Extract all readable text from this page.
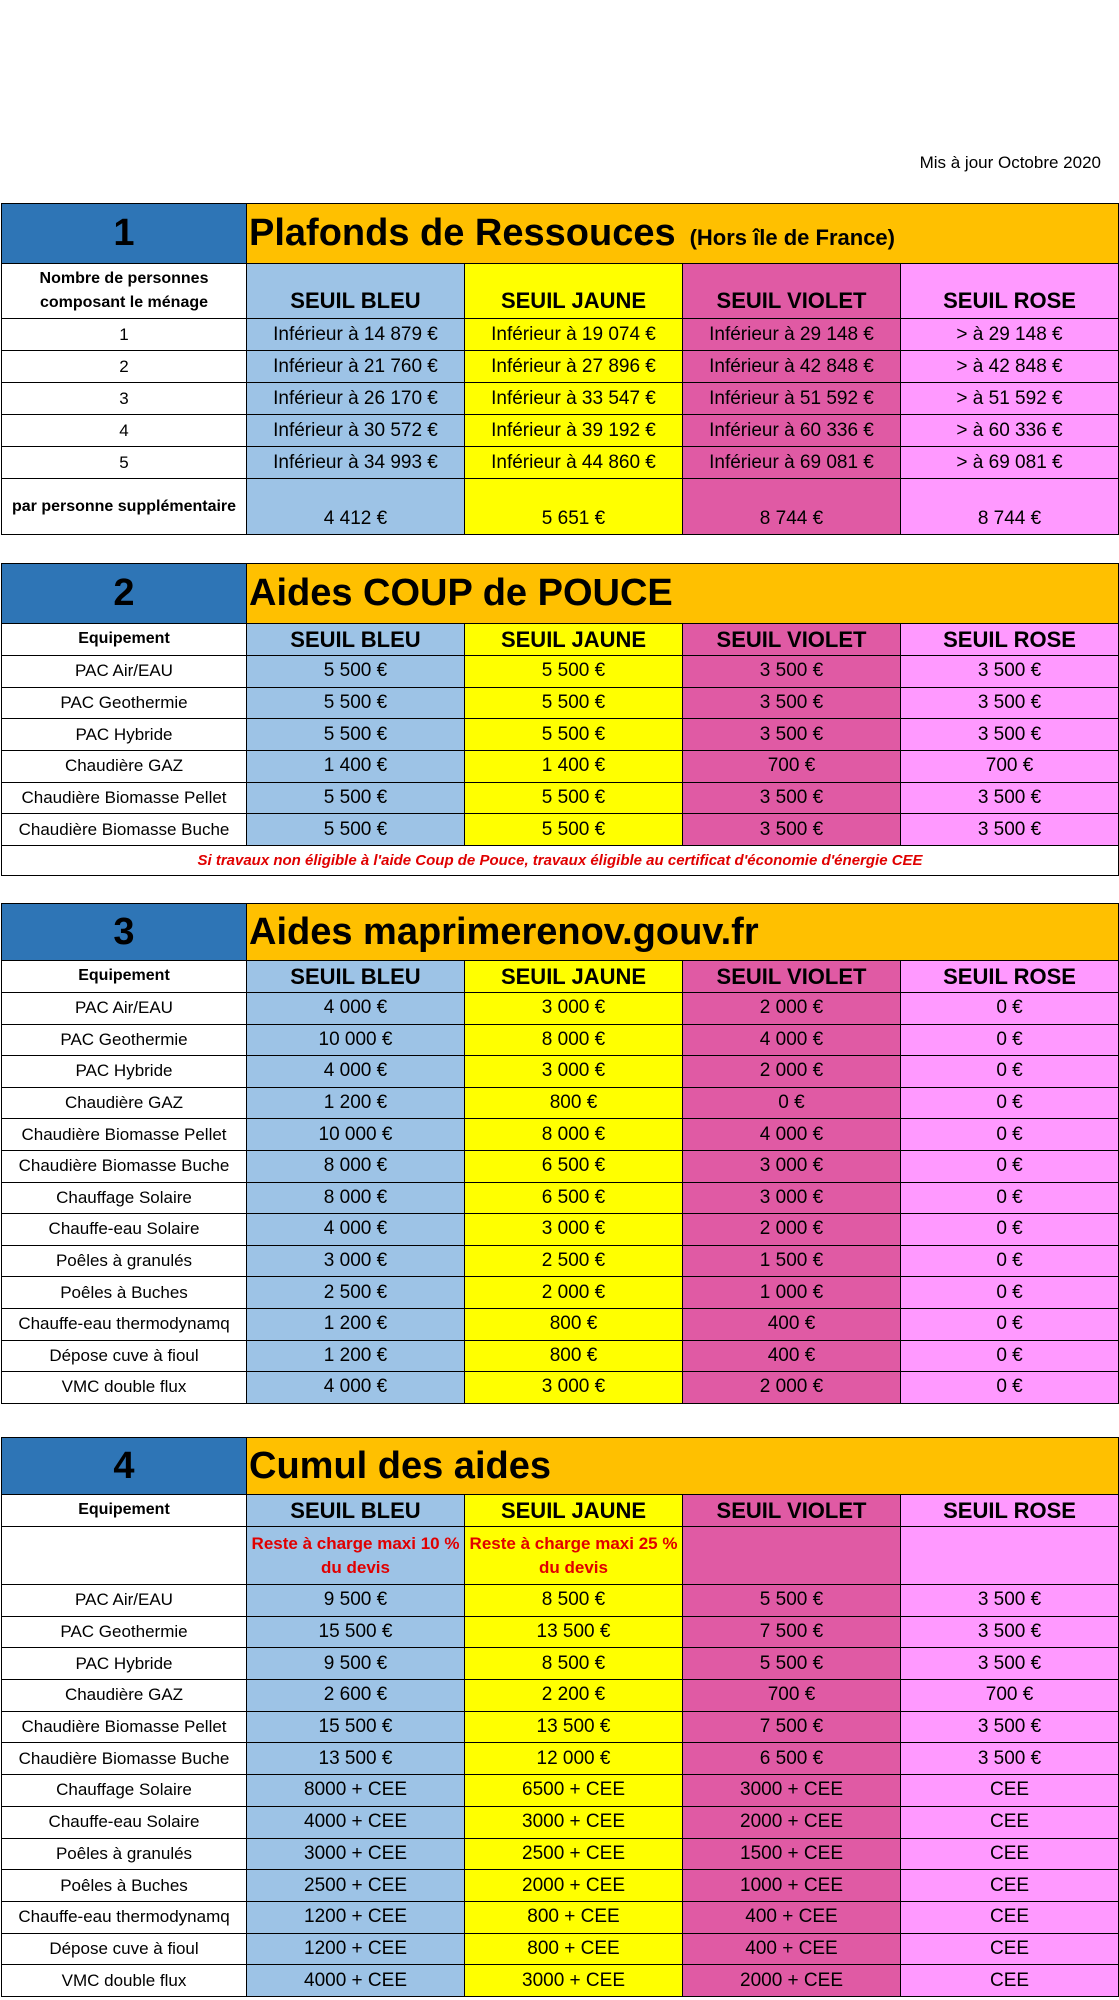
Mis à jour Octobre 2020
1	Plafonds de Ressouces (Hors île de France)			
Nombre de personnes composant le ménage	SEUIL BLEU	SEUIL JAUNE	SEUIL VIOLET	SEUIL ROSE
1	Inférieur à 14 879 €	Inférieur à 19 074 €	Inférieur à 29 148 €	> à 29 148 €
2	Inférieur à 21 760 €	Inférieur à 27 896 €	Inférieur à 42 848 €	> à 42 848 €
3	Inférieur à 26 170 €	Inférieur à 33 547 €	Inférieur à 51 592 €	> à 51 592 €
4	Inférieur à 30 572 €	Inférieur à 39 192 €	Inférieur à 60 336 €	> à 60 336 €
5	Inférieur à 34 993 €	Inférieur à 44 860 €	Inférieur à 69 081 €	> à 69 081 €
par personne supplémentaire	4 412 €	5 651 €	8 744 €	8 744 €
2	Aides COUP de POUCE			
Equipement	SEUIL BLEU	SEUIL JAUNE	SEUIL VIOLET	SEUIL ROSE
PAC Air/EAU	5 500 €	5 500 €	3 500 €	3 500 €
PAC Geothermie	5 500 €	5 500 €	3 500 €	3 500 €
PAC Hybride	5 500 €	5 500 €	3 500 €	3 500 €
Chaudière GAZ	1 400 €	1 400 €	700 €	700 €
Chaudière Biomasse Pellet	5 500 €	5 500 €	3 500 €	3 500 €
Chaudière Biomasse Buche	5 500 €	5 500 €	3 500 €	3 500 €
Si travaux non éligible à l'aide Coup de Pouce, travaux éligible au certificat d'économie d'énergie CEE				
3	Aides maprimerenov.gouv.fr			
Equipement	SEUIL BLEU	SEUIL JAUNE	SEUIL VIOLET	SEUIL ROSE
PAC Air/EAU	4 000 €	3 000 €	2 000 €	0 €
PAC Geothermie	10 000 €	8 000 €	4 000 €	0 €
PAC Hybride	4 000 €	3 000 €	2 000 €	0 €
Chaudière GAZ	1 200 €	800 €	0 €	0 €
Chaudière Biomasse Pellet	10 000 €	8 000 €	4 000 €	0 €
Chaudière Biomasse Buche	8 000 €	6 500 €	3 000 €	0 €
Chauffage Solaire	8 000 €	6 500 €	3 000 €	0 €
Chauffe-eau Solaire	4 000 €	3 000 €	2 000 €	0 €
Poêles à granulés	3 000 €	2 500 €	1 500 €	0 €
Poêles à Buches	2 500 €	2 000 €	1 000 €	0 €
Chauffe-eau thermodynamq	1 200 €	800 €	400 €	0 €
Dépose cuve à fioul	1 200 €	800 €	400 €	0 €
VMC double flux	4 000 €	3 000 €	2 000 €	0 €
4	Cumul des aides			
Equipement	SEUIL BLEU	SEUIL JAUNE	SEUIL VIOLET	SEUIL ROSE
	Reste à charge maxi 10 % du devis	Reste à charge maxi 25 % du devis		
PAC Air/EAU	9 500 €	8 500 €	5 500 €	3 500 €
PAC Geothermie	15 500 €	13 500 €	7 500 €	3 500 €
PAC Hybride	9 500 €	8 500 €	5 500 €	3 500 €
Chaudière GAZ	2 600 €	2 200 €	700 €	700 €
Chaudière Biomasse Pellet	15 500 €	13 500 €	7 500 €	3 500 €
Chaudière Biomasse Buche	13 500 €	12 000 €	6 500 €	3 500 €
Chauffage Solaire	8000 + CEE	6500 + CEE	3000 + CEE	CEE
Chauffe-eau Solaire	4000 + CEE	3000 + CEE	2000 + CEE	CEE
Poêles à granulés	3000 + CEE	2500 + CEE	1500 + CEE	CEE
Poêles à Buches	2500 + CEE	2000 + CEE	1000 + CEE	CEE
Chauffe-eau thermodynamq	1200 + CEE	800 + CEE	400 + CEE	CEE
Dépose cuve à fioul	1200 + CEE	800 + CEE	400 + CEE	CEE
VMC double flux	4000 + CEE	3000 + CEE	2000 + CEE	CEE
